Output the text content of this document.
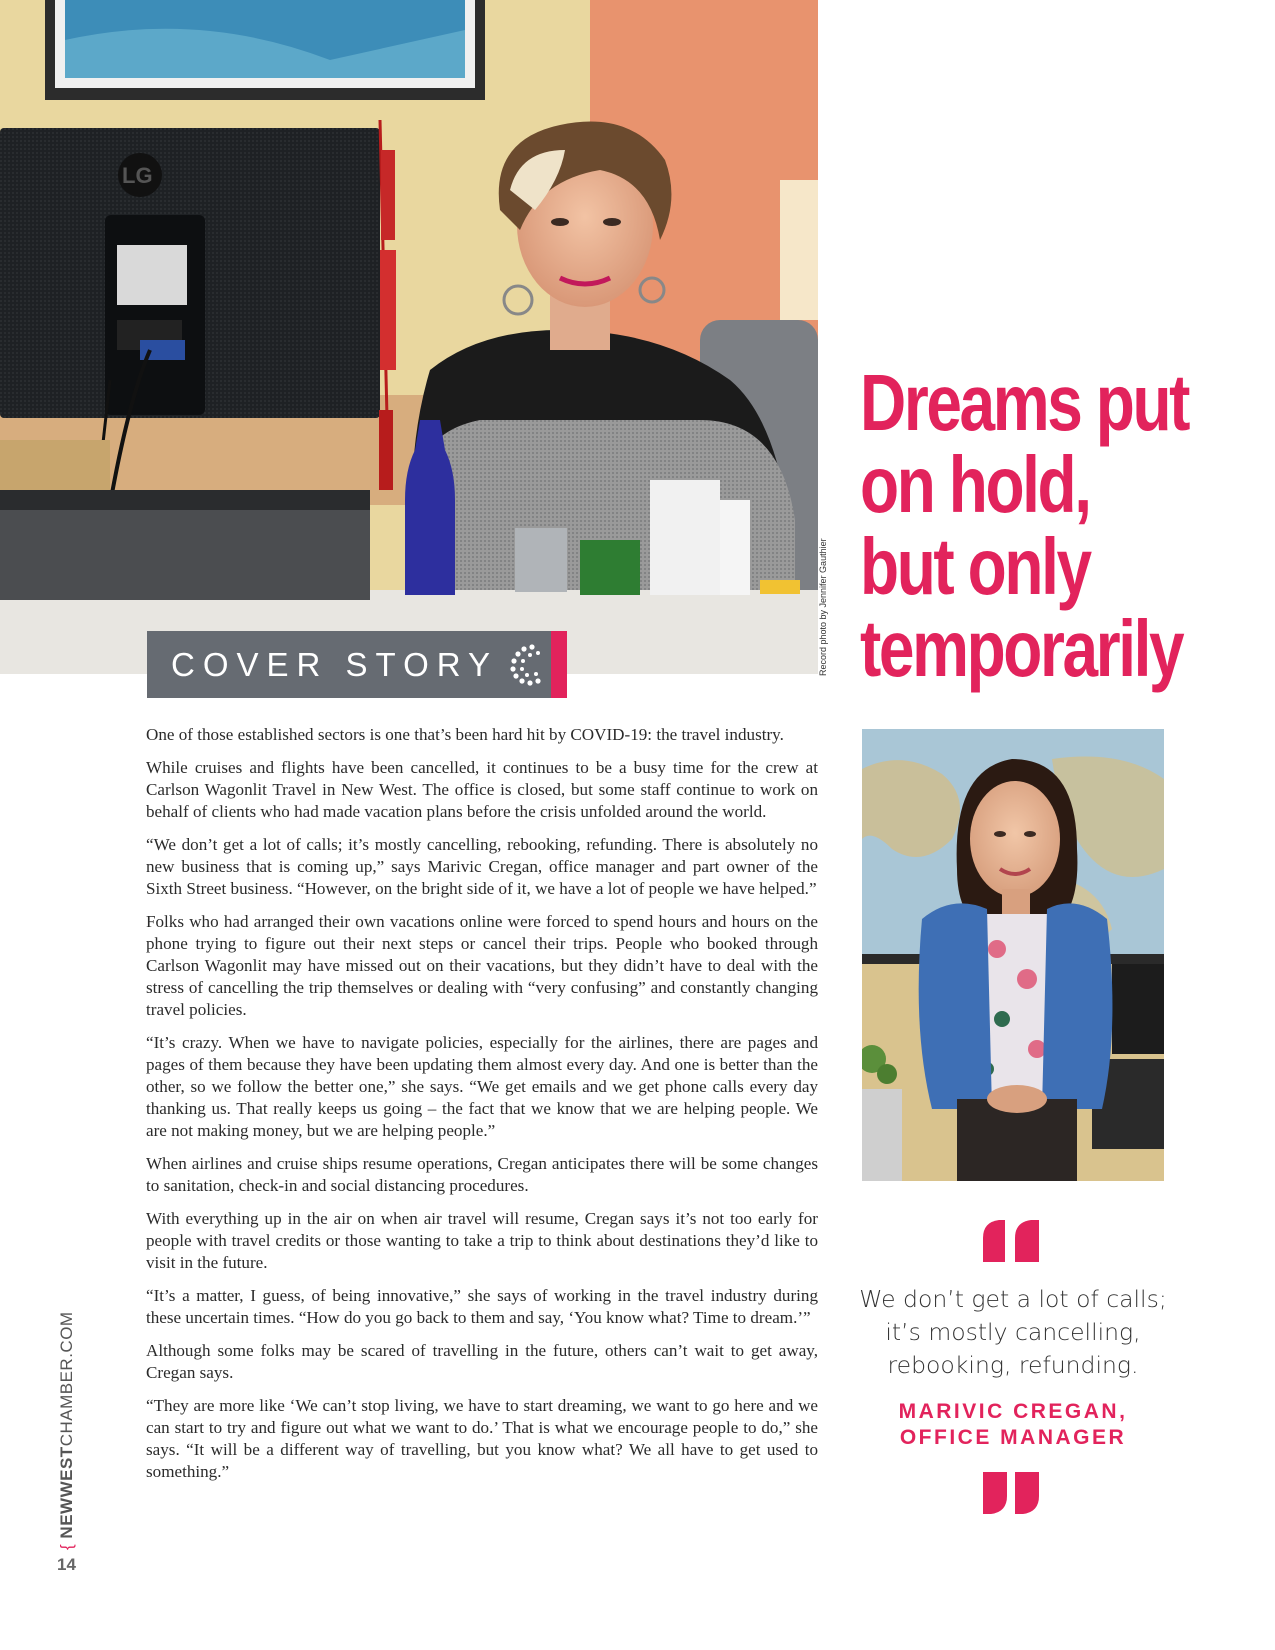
LG
Record photo by Jennifer Gauthier
COVER STORY
Dreams put
on hold,
but only
temporarily

One of those established sectors is one that’s been hard hit by COVID-19: the travel industry.

While cruises and flights have been cancelled, it continues to be a busy time for the crew at Carlson Wagonlit Travel in New West. The office is closed, but some staff continue to work on behalf of clients who had made vacation plans before the crisis unfolded around the world.

“We don’t get a lot of calls; it’s mostly cancelling, rebooking, refunding. There is absolutely no new business that is coming up,” says Marivic Cregan, office manager and part owner of the Sixth Street business. “However, on the bright side of it, we have a lot of people we have helped.”

Folks who had arranged their own vacations online were forced to spend hours and hours on the phone trying to figure out their next steps or cancel their trips. People who booked through Carlson Wagonlit may have missed out on their vacations, but they didn’t have to deal with the stress of cancelling the trip themselves or dealing with “very confusing” and constantly changing travel policies.

“It’s crazy. When we have to navigate policies, especially for the airlines, there are pages and pages of them because they have been updating them almost every day. And one is better than the other, so we follow the better one,” she says. “We get emails and we get phone calls every day thanking us. That really keeps us going – the fact that we know that we are helping people. We are not making money, but we are helping people.”

When airlines and cruise ships resume operations, Cregan anticipates there will be some changes to sanitation, check-in and social distancing procedures.

With everything up in the air on when air travel will resume, Cregan says it’s not too early for people with travel credits or those wanting to take a trip to think about destinations they’d like to visit in the future.

“It’s a matter, I guess, of being innovative,” she says of working in the travel industry during these uncertain times. “How do you go back to them and say, ‘You know what? Time to dream.’”

Although some folks may be scared of travelling in the future, others can’t wait to get away, Cregan says.

“They are more like ‘We can’t stop living, we have to start dreaming, we want to go here and we can start to try and figure out what we want to do.’ That is what we encourage people to do,” she says. “It will be a different way of travelling, but you know what? We all have to get used to something.”

We don’t get a lot of calls; it’s mostly cancelling, rebooking, refunding.
MARIVIC CREGAN,
OFFICE MANAGER
{ NEWWESTCHAMBER.COM
14
